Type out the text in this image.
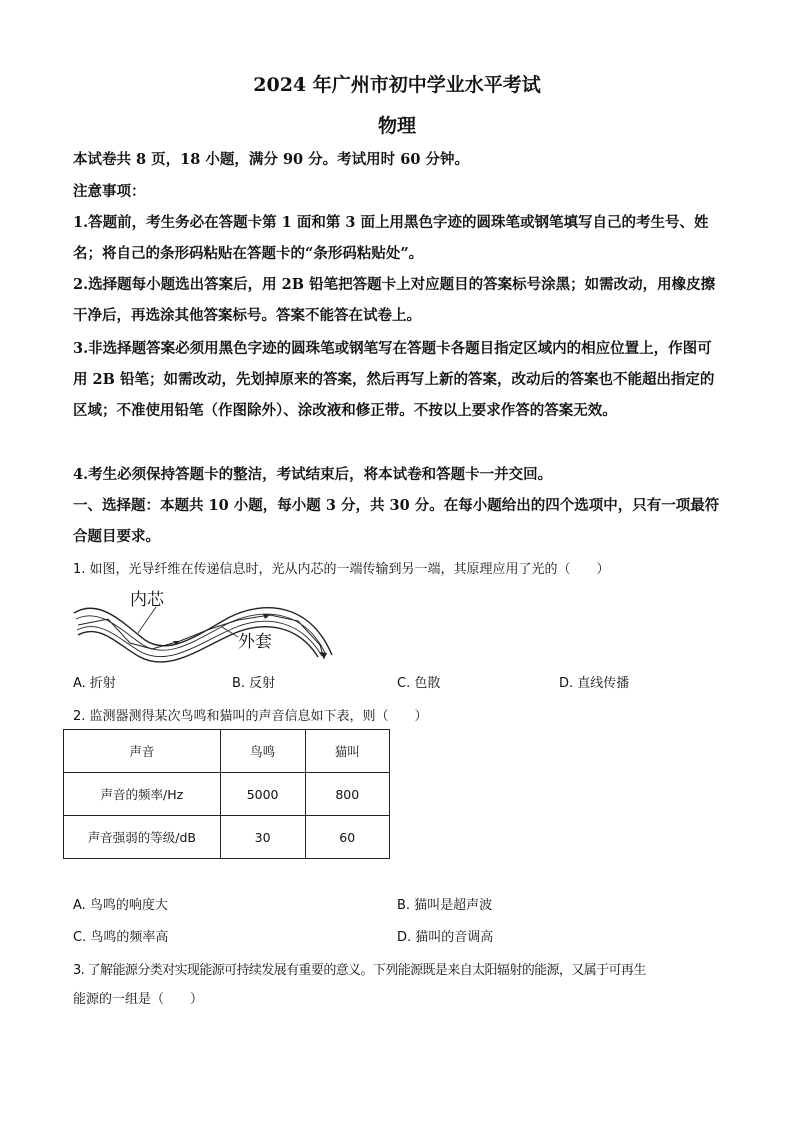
2024 年广州市初中学业水平考试
物理
本试卷共 8 页，18 小题，满分 90 分。考试用时 60 分钟。
注意事项：
1.答题前，考生务必在答题卡第 1 面和第 3 面上用黑色字迹的圆珠笔或钢笔填写自己的考生号、姓名；将自己的条形码粘贴在答题卡的“条形码粘贴处”。
2.选择题每小题选出答案后，用 2B 铅笔把答题卡上对应题目的答案标号涂黑；如需改动，用橡皮擦干净后，再选涂其他答案标号。答案不能答在试卷上。
3.非选择题答案必须用黑色字迹的圆珠笔或钢笔写在答题卡各题目指定区域内的相应位置上，作图可用 2B 铅笔；如需改动，先划掉原来的答案，然后再写上新的答案，改动后的答案也不能超出指定的区域；不准使用铅笔（作图除外）、涂改液和修正带。不按以上要求作答的答案无效。
4.考生必须保持答题卡的整洁，考试结束后，将本试卷和答题卡一并交回。
一、选择题：本题共 10 小题，每小题 3 分，共 30 分。在每小题给出的四个选项中，只有一项最符合题目要求。
1. 如图，光导纤维在传递信息时，光从内芯的一端传输到另一端，其原理应用了光的（　　）
内芯
外套
A. 折射	B. 反射	C. 色散	D. 直线传播
2. 监测器测得某次鸟鸣和猫叫的声音信息如下表，则（　　）
声音	鸟鸣	猫叫
声音的频率/Hz	5000	800
声音强弱的等级/dB	30	60
A. 鸟鸣的响度大	B. 猫叫是超声波
C. 鸟鸣的频率高	D. 猫叫的音调高
3. 了解能源分类对实现能源可持续发展有重要的意义。下列能源既是来自太阳辐射的能源，又属于可再生
能源的一组是（　　）
